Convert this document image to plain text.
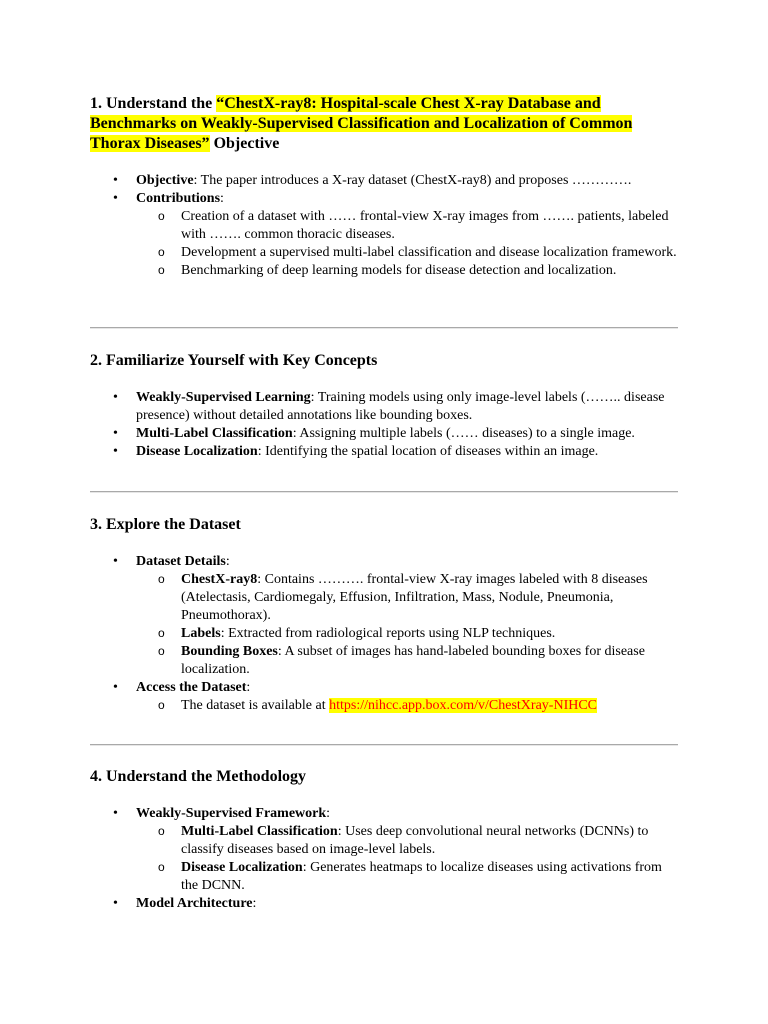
1. Understand the “ChestX-ray8: Hospital-scale Chest X-ray Database and Benchmarks on Weakly-Supervised Classification and Localization of Common Thorax Diseases” Objective
• Objective: The paper introduces a X-ray dataset (ChestX-ray8) and proposes ………….
• Contributions:
o Creation of a dataset with …… frontal-view X-ray images from ……. patients, labeled with ……. common thoracic diseases.
o Development a supervised multi-label classification and disease localization framework.
o Benchmarking of deep learning models for disease detection and localization.
2. Familiarize Yourself with Key Concepts
• Weakly-Supervised Learning: Training models using only image-level labels (…….. disease presence) without detailed annotations like bounding boxes.
• Multi-Label Classification: Assigning multiple labels (…… diseases) to a single image.
• Disease Localization: Identifying the spatial location of diseases within an image.
3. Explore the Dataset
• Dataset Details:
o ChestX-ray8: Contains ………. frontal-view X-ray images labeled with 8 diseases (Atelectasis, Cardiomegaly, Effusion, Infiltration, Mass, Nodule, Pneumonia, Pneumothorax).
o Labels: Extracted from radiological reports using NLP techniques.
o Bounding Boxes: A subset of images has hand-labeled bounding boxes for disease localization.
• Access the Dataset:
o The dataset is available at https://nihcc.app.box.com/v/ChestXray-NIHCC
4. Understand the Methodology
• Weakly-Supervised Framework:
o Multi-Label Classification: Uses deep convolutional neural networks (DCNNs) to classify diseases based on image-level labels.
o Disease Localization: Generates heatmaps to localize diseases using activations from the DCNN.
• Model Architecture:
